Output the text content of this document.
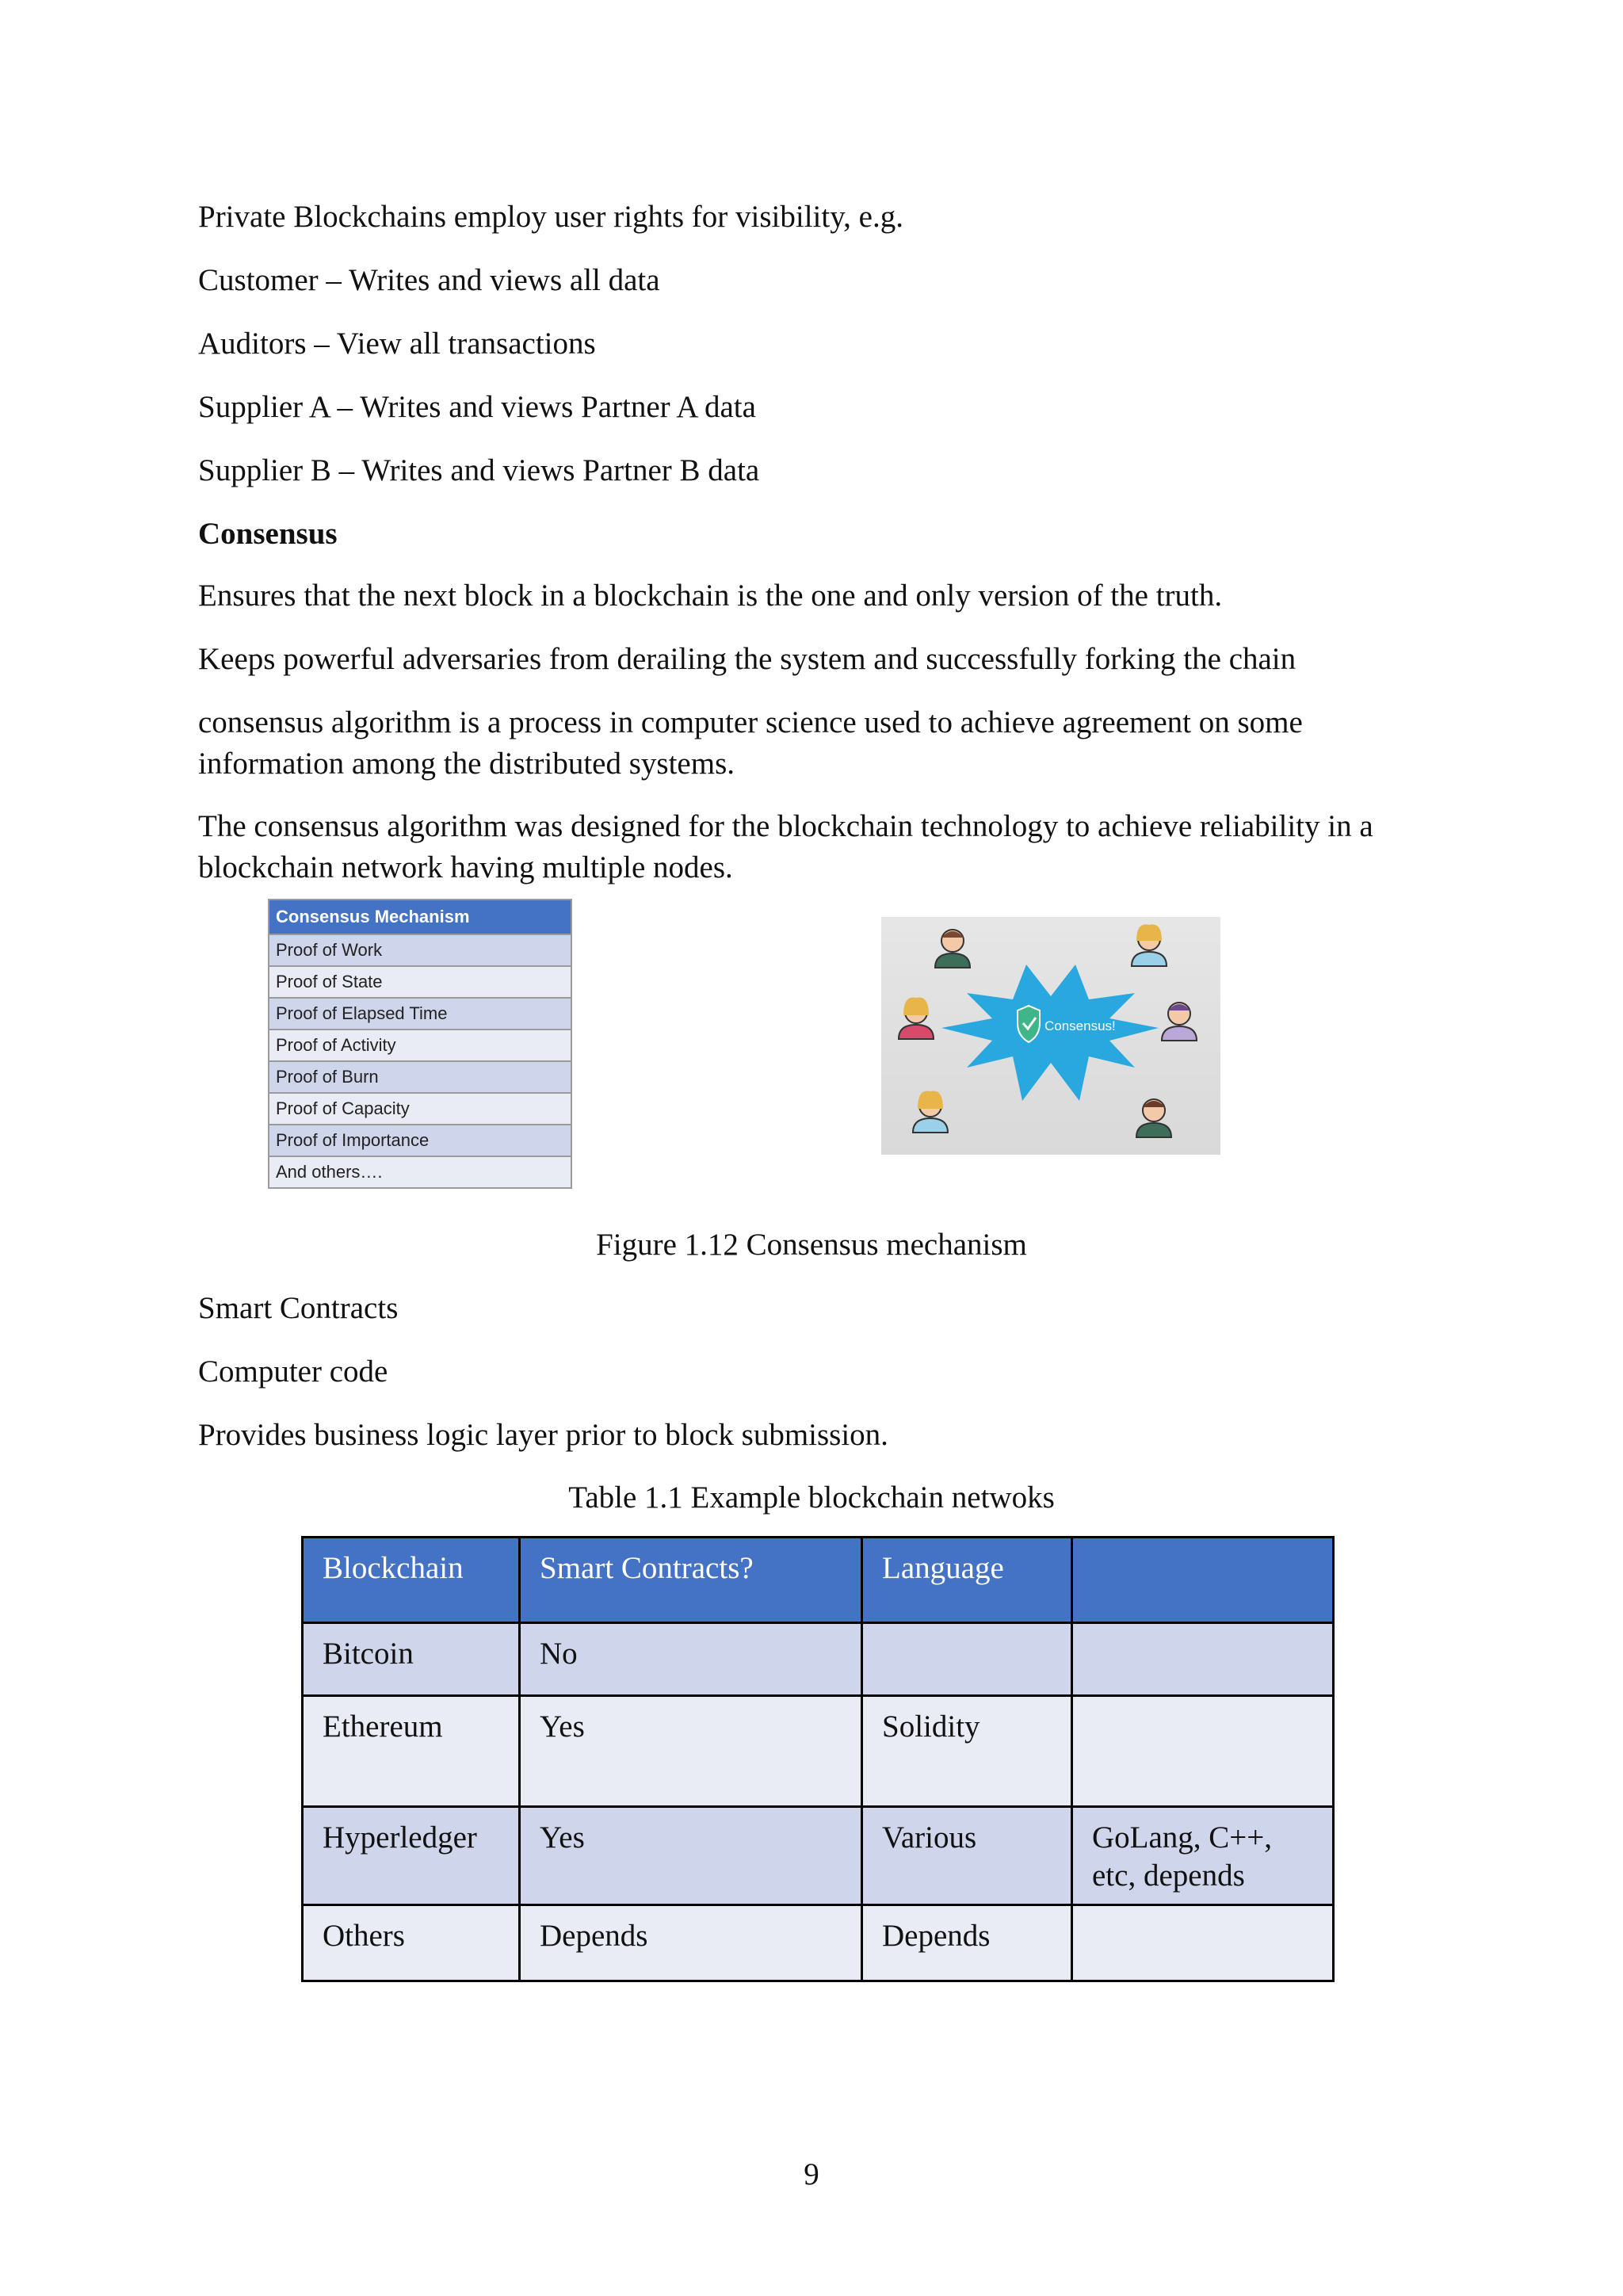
Private Blockchains employ user rights for visibility, e.g.

Customer – Writes and views all data

Auditors – View all transactions

Supplier A – Writes and views Partner A data

Supplier B – Writes and views Partner B data

Consensus

Ensures that the next block in a blockchain is the one and only version of the truth.

Keeps powerful adversaries from derailing the system and successfully forking the chain

consensus algorithm is a process in computer science used to achieve agreement on some information among the distributed systems.

The consensus algorithm was designed for the blockchain technology to achieve reliability in a blockchain network having multiple nodes.

Consensus Mechanism
Proof of Work
Proof of State
Proof of Elapsed Time
Proof of Activity
Proof of Burn
Proof of Capacity
Proof of Importance
And others….
Consensus!

Figure 1.12 Consensus mechanism

Smart Contracts

Computer code

Provides business logic layer prior to block submission.

Table 1.1 Example blockchain netwoks

Blockchain	Smart Contracts?	Language	
Bitcoin	No		
Ethereum	Yes	Solidity	
Hyperledger	Yes	Various	GoLang, C++, etc, depends
Others	Depends	Depends	

9
